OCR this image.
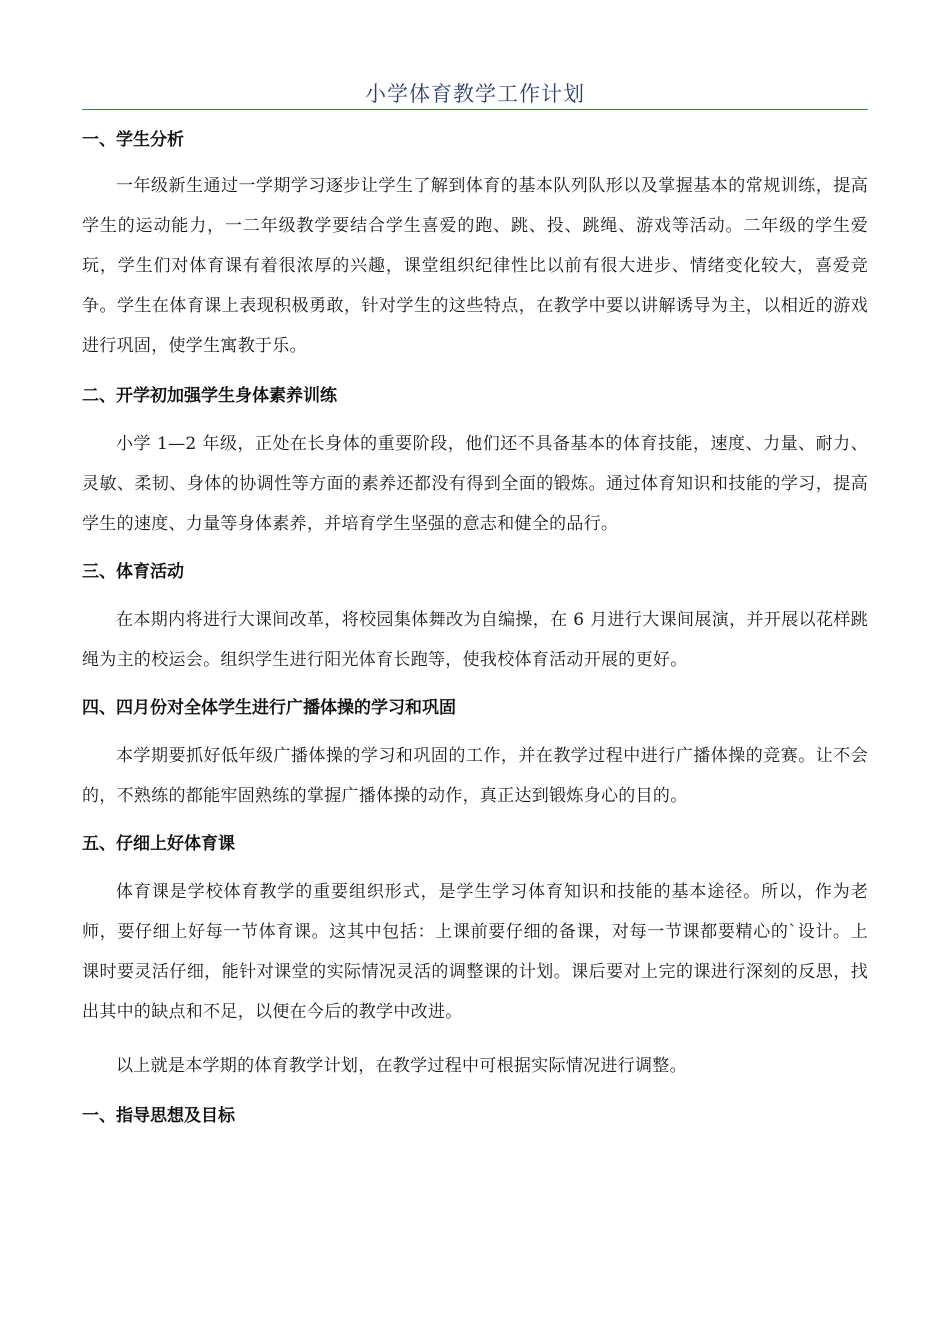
小学体育教学工作计划

一、学生分析

一年级新生通过一学期学习逐步让学生了解到体育的基本队列队形以及掌握基本的常规训练，提高学生的运动能力，一二年级教学要结合学生喜爱的跑、跳、投、跳绳、游戏等活动。二年级的学生爱玩，学生们对体育课有着很浓厚的兴趣，课堂组织纪律性比以前有很大进步、情绪变化较大，喜爱竞争。学生在体育课上表现积极勇敢，针对学生的这些特点，在教学中要以讲解诱导为主，以相近的游戏进行巩固，使学生寓教于乐。

二、开学初加强学生身体素养训练

小学 1—2 年级，正处在长身体的重要阶段，他们还不具备基本的体育技能，速度、力量、耐力、灵敏、柔韧、身体的协调性等方面的素养还都没有得到全面的锻炼。通过体育知识和技能的学习，提高学生的速度、力量等身体素养，并培育学生坚强的意志和健全的品行。

三、体育活动

在本期内将进行大课间改革，将校园集体舞改为自编操，在 6 月进行大课间展演，并开展以花样跳绳为主的校运会。组织学生进行阳光体育长跑等，使我校体育活动开展的更好。

四、四月份对全体学生进行广播体操的学习和巩固

本学期要抓好低年级广播体操的学习和巩固的工作，并在教学过程中进行广播体操的竞赛。让不会的，不熟练的都能牢固熟练的掌握广播体操的动作，真正达到锻炼身心的目的。

五、仔细上好体育课

体育课是学校体育教学的重要组织形式，是学生学习体育知识和技能的基本途径。所以，作为老师，要仔细上好每一节体育课。这其中包括：上课前要仔细的备课，对每一节课都要精心的`设计。上课时要灵活仔细，能针对课堂的实际情况灵活的调整课的计划。课后要对上完的课进行深刻的反思，找出其中的缺点和不足，以便在今后的教学中改进。

以上就是本学期的体育教学计划，在教学过程中可根据实际情况进行调整。

一、指导思想及目标
